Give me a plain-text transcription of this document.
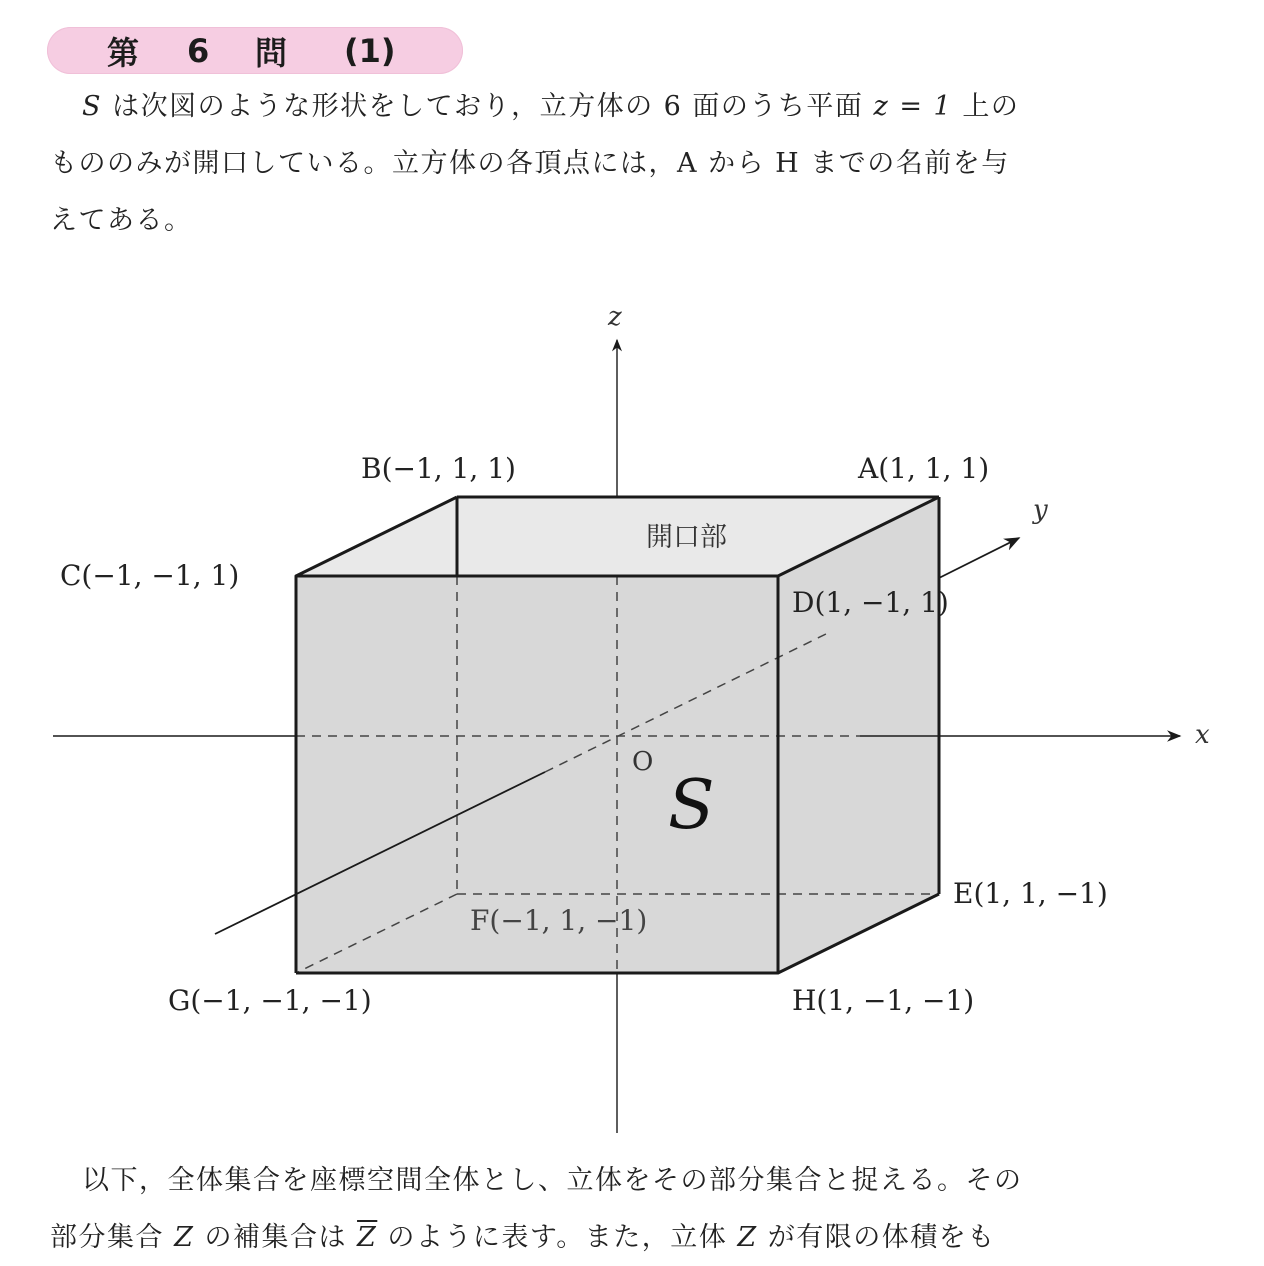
第 6 問 (1)
S は次図のような形状をしており，立方体の 6 面のうち平面 z = 1 上の
もののみが開口している。立方体の各頂点には，A から H までの名前を与
えてある。
z
x
y
O
S
開口部
A(1, 1, 1)
B(−1, 1, 1)
C(−1, −1, 1)
D(1, −1, 1)
E(1, 1, −1)
F(−1, 1, −1)
G(−1, −1, −1)	H(1, −1, −1)
以下，全体集合を座標空間全体とし、立体をその部分集合と捉える。その
部分集合 Z の補集合は $\overline{Z}$ のように表す。また，立体 Z が有限の体積をも
